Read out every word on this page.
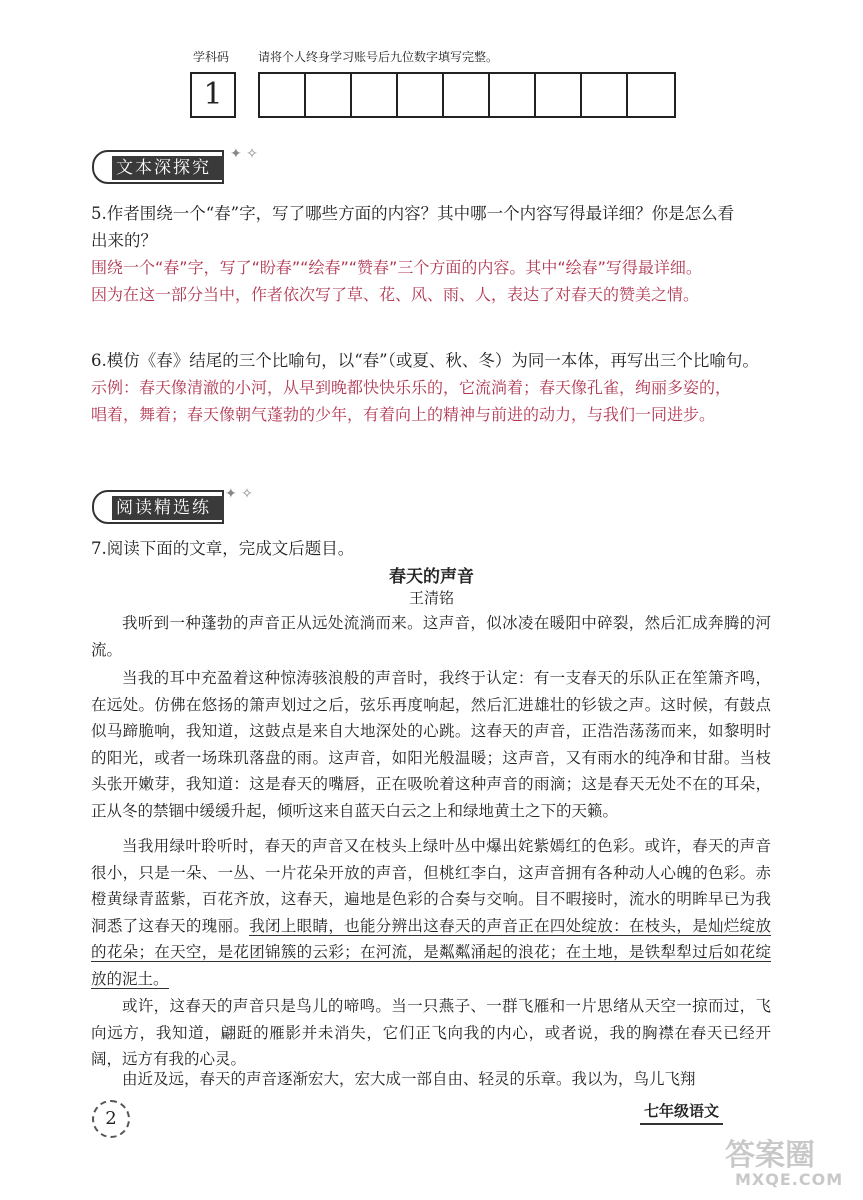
学科码 请将个人终身学习账号后九位数字填写完整。
1
文本深探究
✦ ✧
5.作者围绕一个“春”字，写了哪些方面的内容？其中哪一个内容写得最详细？你是怎么看
出来的？
围绕一个“春”字，写了“盼春”“绘春”“赞春”三个方面的内容。其中“绘春”写得最详细。
因为在这一部分当中，作者依次写了草、花、风、雨、人，表达了对春天的赞美之情。
6.模仿《春》结尾的三个比喻句，以“春”（或夏、秋、冬）为同一本体，再写出三个比喻句。
示例：春天像清澈的小河，从早到晚都快快乐乐的，它流淌着；春天像孔雀，绚丽多姿的，
唱着，舞着；春天像朝气蓬勃的少年，有着向上的精神与前进的动力，与我们一同进步。
阅读精选练
✦ ✧
7.阅读下面的文章，完成文后题目。
春天的声音
王清铭
我听到一种蓬勃的声音正从远处流淌而来。这声音，似冰凌在暖阳中碎裂，然后汇成奔腾的河流。
当我的耳中充盈着这种惊涛骇浪般的声音时，我终于认定：有一支春天的乐队正在笙箫齐鸣，在远处。仿佛在悠扬的箫声划过之后，弦乐再度响起，然后汇进雄壮的钐钹之声。这时候，有鼓点似马蹄脆响，我知道，这鼓点是来自大地深处的心跳。这春天的声音，正浩浩荡荡而来，如黎明时的阳光，或者一场珠玑落盘的雨。这声音，如阳光般温暖；这声音，又有雨水的纯净和甘甜。当枝头张开嫩芽，我知道：这是春天的嘴唇，正在吸吮着这种声音的雨滴；这是春天无处不在的耳朵，正从冬的禁锢中缓缓升起，倾听这来自蓝天白云之上和绿地黄土之下的天籁。
当我用绿叶聆听时，春天的声音又在枝头上绿叶丛中爆出姹紫嫣红的色彩。或许，春天的声音很小，只是一朵、一丛、一片花朵开放的声音，但桃红李白，这声音拥有各种动人心魄的色彩。赤橙黄绿青蓝紫，百花齐放，这春天，遍地是色彩的合奏与交响。目不暇接时，流水的明眸早已为我洞悉了这春天的瑰丽。我闭上眼睛，也能分辨出这春天的声音正在四处绽放：在枝头，是灿烂绽放的花朵；在天空，是花团锦簇的云彩；在河流，是粼粼涌起的浪花；在土地，是铁犁犁过后如花绽放的泥土。
或许，这春天的声音只是鸟儿的啼鸣。当一只燕子、一群飞雁和一片思绪从天空一掠而过，飞向远方，我知道，翩跹的雁影并未消失，它们正飞向我的内心，或者说，我的胸襟在春天已经开阔，远方有我的心灵。
由近及远，春天的声音逐渐宏大，宏大成一部自由、轻灵的乐章。我以为，鸟儿飞翔
2	七年级语文
答案圈
MXQE.COM
